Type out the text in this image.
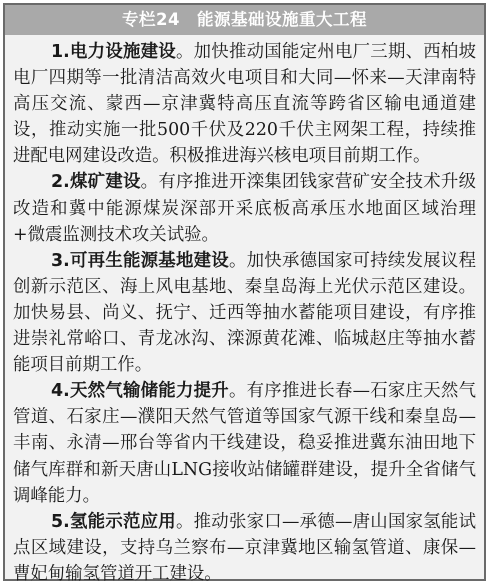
专栏24　能源基础设施重大工程

1.电力设施建设。加快推动国能定州电厂三期、西柏坡电厂四期等一批清洁高效火电项目和大同—怀来—天津南特高压交流、蒙西—京津冀特高压直流等跨省区输电通道建设，推动实施一批500千伏及220千伏主网架工程，持续推进配电网建设改造。积极推进海兴核电项目前期工作。

2.煤矿建设。有序推进开滦集团钱家营矿安全技术升级改造和冀中能源煤炭深部开采底板高承压水地面区域治理+微震监测技术攻关试验。

3.可再生能源基地建设。加快承德国家可持续发展议程创新示范区、海上风电基地、秦皇岛海上光伏示范区建设。加快易县、尚义、抚宁、迁西等抽水蓄能项目建设，有序推进崇礼常峪口、青龙冰沟、滦源黄花滩、临城赵庄等抽水蓄能项目前期工作。

4.天然气输储能力提升。有序推进长春—石家庄天然气管道、石家庄—濮阳天然气管道等国家气源干线和秦皇岛—丰南、永清—邢台等省内干线建设，稳妥推进冀东油田地下储气库群和新天唐山LNG接收站储罐群建设，提升全省储气调峰能力。

5.氢能示范应用。推动张家口—承德—唐山国家氢能试点区域建设，支持乌兰察布—京津冀地区输氢管道、康保—曹妃甸输氢管道开工建设。
